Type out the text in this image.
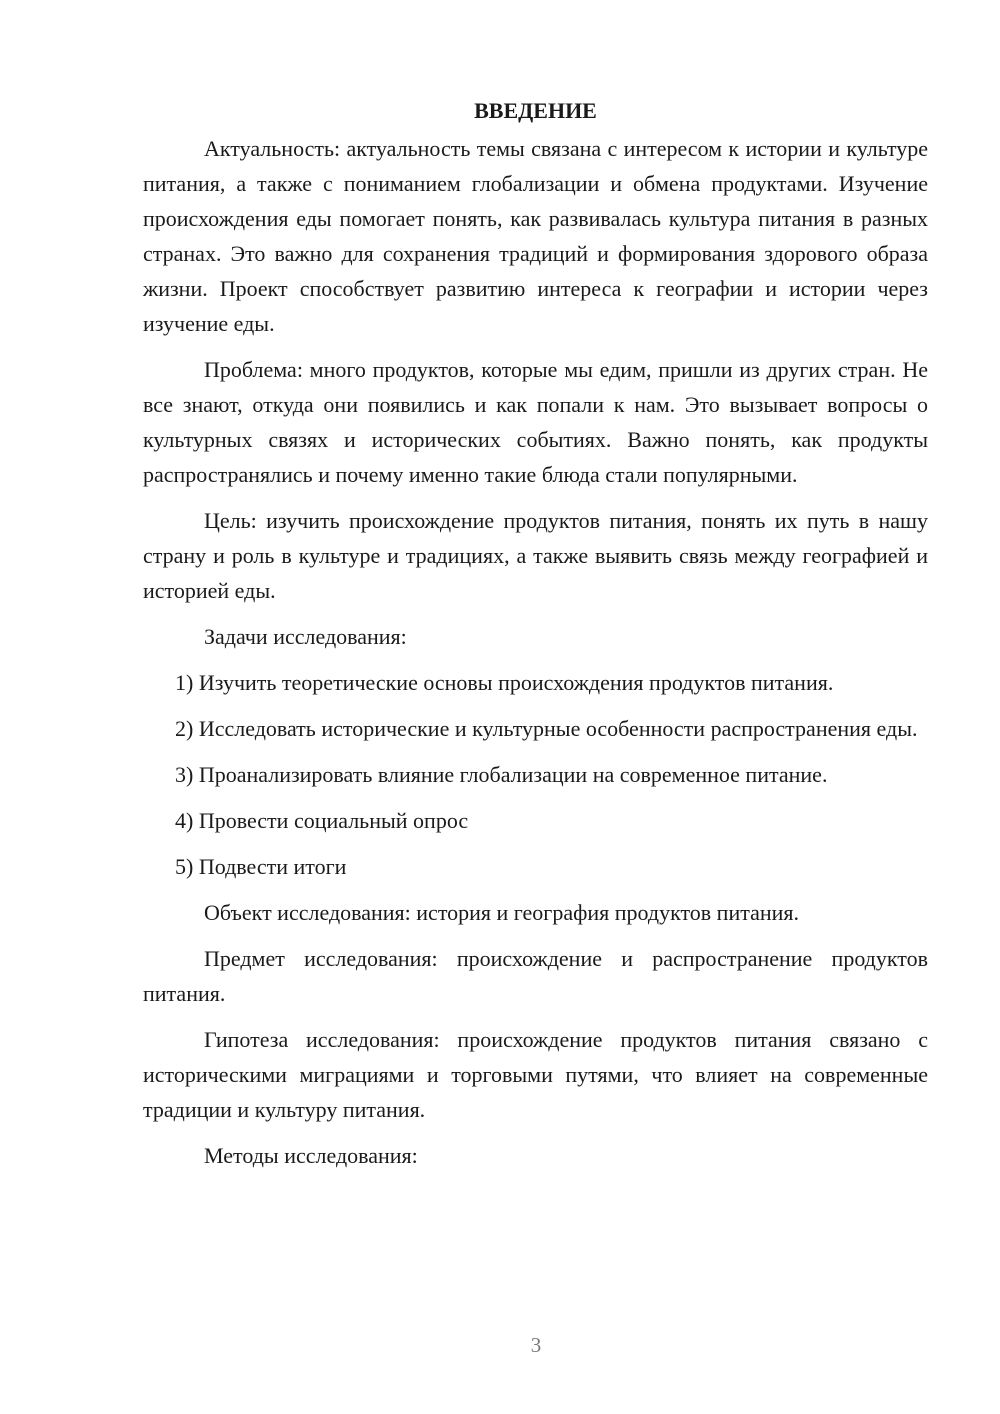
ВВЕДЕНИЕ

Актуальность: актуальность темы связана с интересом к истории и культуре питания, а также с пониманием глобализации и обмена продуктами. Изучение происхождения еды помогает понять, как развивалась культура питания в разных странах. Это важно для сохранения традиций и формирования здорового образа жизни. Проект способствует развитию интереса к географии и истории через изучение еды.

Проблема: много продуктов, которые мы едим, пришли из других стран. Не все знают, откуда они появились и как попали к нам. Это вызывает вопросы о культурных связях и исторических событиях. Важно понять, как продукты распространялись и почему именно такие блюда стали популярными.

Цель: изучить происхождение продуктов питания, понять их путь в нашу страну и роль в культуре и традициях, а также выявить связь между географией и историей еды.

Задачи исследования:

1) Изучить теоретические основы происхождения продуктов питания.

2) Исследовать исторические и культурные особенности распространения еды.

3) Проанализировать влияние глобализации на современное питание.

4) Провести социальный опрос

5) Подвести итоги

Объект исследования: история и география продуктов питания.

Предмет исследования: происхождение и распространение продуктов питания.

Гипотеза исследования: происхождение продуктов питания связано с историческими миграциями и торговыми путями, что влияет на современные традиции и культуру питания.

Методы исследования:

3
